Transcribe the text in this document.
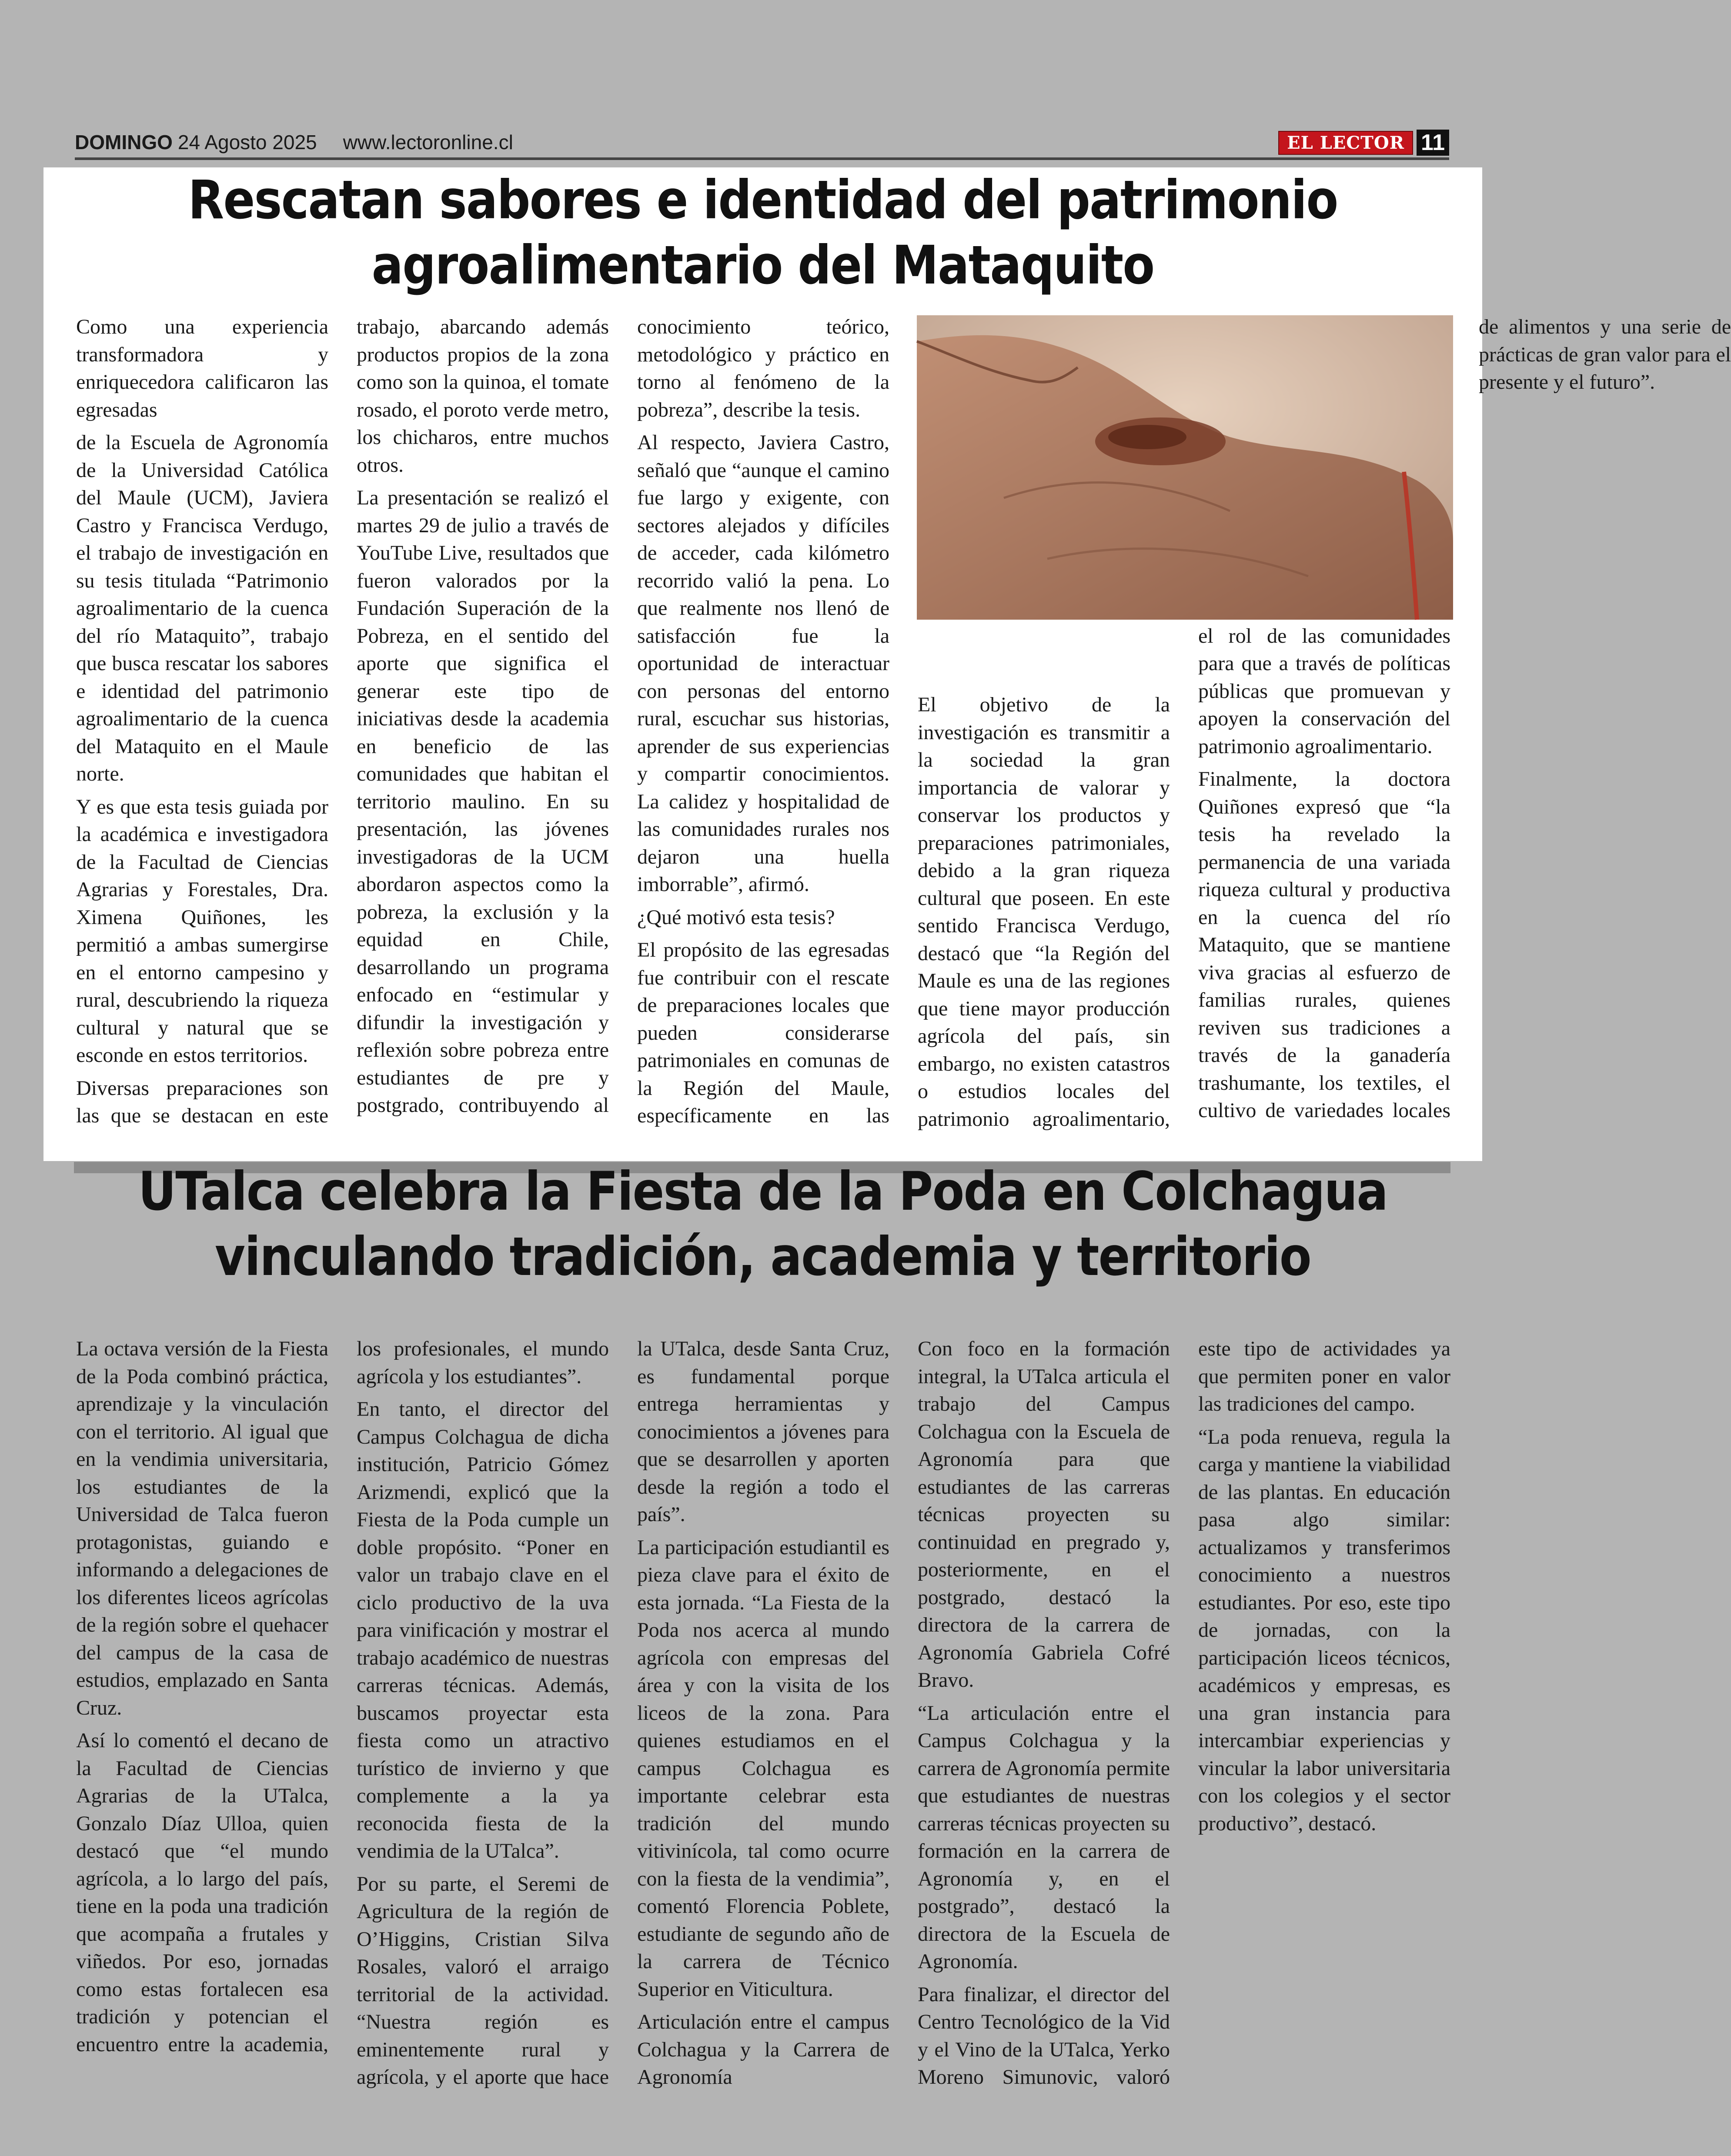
DOMINGO 24 Agosto 2025 www.lectoronline.cl	EL LECTOR 11
Rescatan sabores e identidad del patrimonio
agroalimentario del Mataquito

Como una experiencia transformadora y enriquecedora calificaron las egresadas

de la Escuela de Agronomía de la Universidad Católica del Maule (UCM), Javiera Castro y Francisca Verdugo, el trabajo de investigación en su tesis titulada “Patrimonio agroalimentario de la cuenca del río Mataquito”, trabajo que busca rescatar los sabores e identidad del patrimonio agroalimentario de la cuenca del Mataquito en el Maule norte.

Y es que esta tesis guiada por la académica e investigadora de la Facultad de Ciencias Agrarias y Forestales, Dra. Ximena Quiñones, les permitió a ambas sumergirse en el entorno campesino y rural, descubriendo la riqueza cultural y natural que se esconde en estos territorios.

Diversas preparaciones son las que se destacan en este trabajo, abarcando además productos propios de la zona como son la quinoa, el tomate rosado, el poroto verde metro, los chicharos, entre muchos otros.

La presentación se realizó el martes 29 de julio a través de YouTube Live, resultados que fueron valorados por la Fundación Superación de la Pobreza, en el sentido del aporte que significa el generar este tipo de iniciativas desde la academia en beneficio de las comunidades que habitan el territorio maulino. En su presentación, las jóvenes investigadoras de la UCM abordaron aspectos como la pobreza, la exclusión y la equidad en Chile, desarrollando un programa enfocado en “estimular y difundir la investigación y reflexión sobre pobreza entre estudiantes de pre y postgrado, contribuyendo al conocimiento teórico, metodológico y práctico en torno al fenómeno de la pobreza”, describe la tesis.

Al respecto, Javiera Castro, señaló que “aunque el camino fue largo y exigente, con sectores alejados y difíciles de acceder, cada kilómetro recorrido valió la pena. Lo que realmente nos llenó de satisfacción fue la oportunidad de interactuar con personas del entorno rural, escuchar sus historias, aprender de sus experiencias y compartir conocimientos. La calidez y hospitalidad de las comunidades rurales nos dejaron una huella imborrable”, afirmó.

¿Qué motivó esta tesis?

El propósito de las egresadas fue contribuir con el rescate de preparaciones locales que pueden considerarse patrimoniales en comunas de la Región del Maule, específicamente en las

El objetivo de la investigación es transmitir a la sociedad la gran importancia de valorar y conservar los productos y preparaciones patrimoniales, debido a la gran riqueza cultural que poseen. En este sentido Francisca Verdugo, destacó que “la Región del Maule es una de las regiones que tiene mayor producción agrícola del país, sin embargo, no existen catastros o estudios locales del patrimonio agroalimentario,

el rol de las comunidades para que a través de políticas públicas que promuevan y apoyen la conservación del patrimonio agroalimentario.

Finalmente, la doctora Quiñones expresó que “la tesis ha revelado la permanencia de una variada riqueza cultural y productiva en la cuenca del río Mataquito, que se mantiene viva gracias al esfuerzo de familias rurales, quienes reviven sus tradiciones a través de la ganadería trashumante, los textiles, el cultivo de variedades locales de alimentos y una serie de prácticas de gran valor para el presente y el futuro”.

UTalca celebra la Fiesta de la Poda en Colchagua
vinculando tradición, academia y territorio

La octava versión de la Fiesta de la Poda combinó práctica, aprendizaje y la vinculación con el territorio. Al igual que en la vendimia universitaria, los estudiantes de la Universidad de Talca fueron protagonistas, guiando e informando a delegaciones de los diferentes liceos agrícolas de la región sobre el quehacer del campus de la casa de estudios, emplazado en Santa Cruz.

Así lo comentó el decano de la Facultad de Ciencias Agrarias de la UTalca, Gonzalo Díaz Ulloa, quien destacó que “el mundo agrícola, a lo largo del país, tiene en la poda una tradición que acompaña a frutales y viñedos. Por eso, jornadas como estas fortalecen esa tradición y potencian el encuentro entre la academia, los profesionales, el mundo agrícola y los estudiantes”.

En tanto, el director del Campus Colchagua de dicha institución, Patricio Gómez Arizmendi, explicó que la Fiesta de la Poda cumple un doble propósito. “Poner en valor un trabajo clave en el ciclo productivo de la uva para vinificación y mostrar el trabajo académico de nuestras carreras técnicas. Además, buscamos proyectar esta fiesta como un atractivo turístico de invierno y que complemente a la ya reconocida fiesta de la vendimia de la UTalca”.

Por su parte, el Seremi de Agricultura de la región de O’Higgins, Cristian Silva Rosales, valoró el arraigo territorial de la actividad. “Nuestra región es eminentemente rural y agrícola, y el aporte que hace la UTalca, desde Santa Cruz, es fundamental porque entrega herramientas y conocimientos a jóvenes para que se desarrollen y aporten desde la región a todo el país”.

La participación estudiantil es pieza clave para el éxito de esta jornada. “La Fiesta de la Poda nos acerca al mundo agrícola con empresas del área y con la visita de los liceos de la zona. Para quienes estudiamos en el campus Colchagua es importante celebrar esta tradición del mundo vitivinícola, tal como ocurre con la fiesta de la vendimia”, comentó Florencia Poblete, estudiante de segundo año de la carrera de Técnico Superior en Viticultura.

Articulación entre el campus Colchagua y la Carrera de Agronomía

Con foco en la formación integral, la UTalca articula el trabajo del Campus Colchagua con la Escuela de Agronomía para que estudiantes de las carreras técnicas proyecten su continuidad en pregrado y, posteriormente, en el postgrado, destacó la directora de la carrera de Agronomía Gabriela Cofré Bravo.

“La articulación entre el Campus Colchagua y la carrera de Agronomía permite que estudiantes de nuestras carreras técnicas proyecten su formación en la carrera de Agronomía y, en el postgrado”, destacó la directora de la Escuela de Agronomía.

Para finalizar, el director del Centro Tecnológico de la Vid y el Vino de la UTalca, Yerko Moreno Simunovic, valoró este tipo de actividades ya que permiten poner en valor las tradiciones del campo.

“La poda renueva, regula la carga y mantiene la viabilidad de las plantas. En educación pasa algo similar: actualizamos y transferimos conocimiento a nuestros estudiantes. Por eso, este tipo de jornadas, con la participación liceos técnicos, académicos y empresas, es una gran instancia para intercambiar experiencias y vincular la labor universitaria con los colegios y el sector productivo”, destacó.
